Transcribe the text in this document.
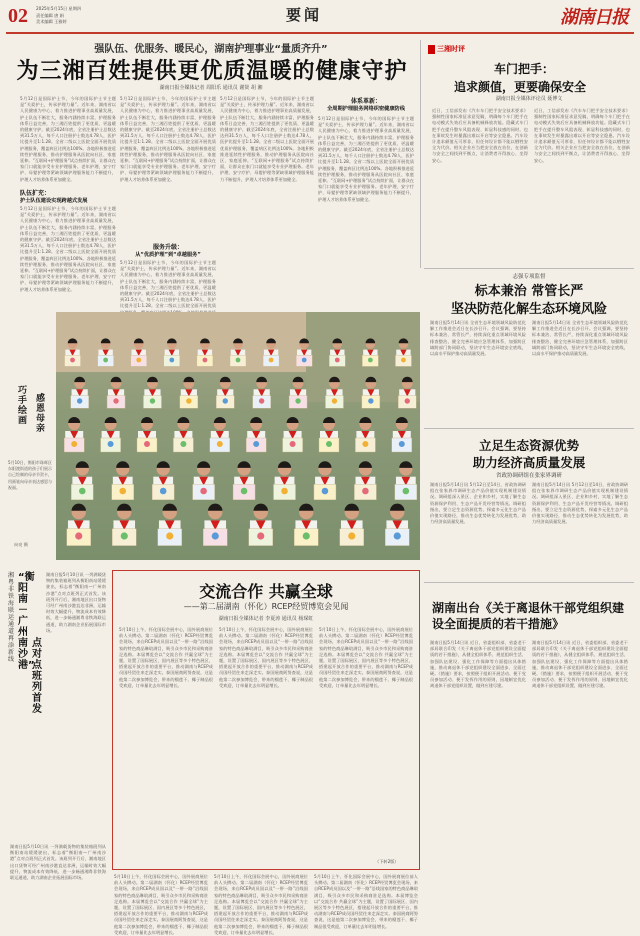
02 2025年5月15日 星期四
责任编辑 唐 娟
美术编辑 王雅婷	要闻	湖南日报
强队伍、优服务、暖民心，湖南护理事业“量质齐升”
为三湘百姓提供更优质温暖的健康守护
湖南日报全媒体记者 周阳乐 通讯员 谢贤 胡 湘
5月12日是国际护士节，今年的国际护士节主题是“关爱护士，传承护理力量”。近年来，湖南省以人民健康为中心，着力推进护理事业高质量发展，护士队伍不断壮大，服务内涵持续丰富，护理服务体系日益完善，为三湘百姓提供了更优质、更温暖的健康守护。截至2024年底，全省注册护士总数达到31.5万人，每千人口注册护士数达4.78人，医护比提升至1:1.28。全省二级以上医院全面开展优质护理服务，覆盖病区比例达100%。各地积极推进延续性护理服务，推动护理服务从医院向社区、家庭延伸。“互联网+护理服务”试点持续扩面，让群众在家门口就能享受专业护理服务。老年护理、安宁疗护、母婴护理等紧缺领域护理服务能力不断提升，护理人才培养体系更加健全。
队伍扩充：
护士队伍建设实现跨越式发展
5月12日是国际护士节，今年的国际护士节主题是“关爱护士，传承护理力量”。近年来，湖南省以人民健康为中心，着力推进护理事业高质量发展，护士队伍不断壮大，服务内涵持续丰富，护理服务体系日益完善，为三湘百姓提供了更优质、更温暖的健康守护。截至2024年底，全省注册护士总数达到31.5万人，每千人口注册护士数达4.78人，医护比提升至1:1.28。全省二级以上医院全面开展优质护理服务，覆盖病区比例达100%。各地积极推进延续性护理服务，推动护理服务从医院向社区、家庭延伸。“互联网+护理服务”试点持续扩面，让群众在家门口就能享受专业护理服务。老年护理、安宁疗护、母婴护理等紧缺领域护理服务能力不断提升，护理人才培养体系更加健全。
5月12日是国际护士节，今年的国际护士节主题是“关爱护士，传承护理力量”。近年来，湖南省以人民健康为中心，着力推进护理事业高质量发展，护士队伍不断壮大，服务内涵持续丰富，护理服务体系日益完善，为三湘百姓提供了更优质、更温暖的健康守护。截至2024年底，全省注册护士总数达到31.5万人，每千人口注册护士数达4.78人，医护比提升至1:1.28。全省二级以上医院全面开展优质护理服务，覆盖病区比例达100%。各地积极推进延续性护理服务，推动护理服务从医院向社区、家庭延伸。“互联网+护理服务”试点持续扩面，让群众在家门口就能享受专业护理服务。老年护理、安宁疗护、母婴护理等紧缺领域护理服务能力不断提升，护理人才培养体系更加健全。
服务升级：
从“优质护理”到“卓越服务”
5月12日是国际护士节，今年的国际护士节主题是“关爱护士，传承护理力量”。近年来，湖南省以人民健康为中心，着力推进护理事业高质量发展，护士队伍不断壮大，服务内涵持续丰富，护理服务体系日益完善，为三湘百姓提供了更优质、更温暖的健康守护。截至2024年底，全省注册护士总数达到31.5万人，每千人口注册护士数达4.78人，医护比提升至1:1.28。全省二级以上医院全面开展优质
5月12日是国际护士节，今年的国际护士节主题是“关爱护士，传承护理力量”。近年来，湖南省以人民健康为中心，着力推进护理事业高质量发展，护士队伍不断壮大，服务内涵持续丰富，护理服务体系日益完善，为三湘百姓提供了更优质、更温暖的健康守护。截至2024年底，全省注册护士总数达到31.5万人，每千人口注册护士数达4.78人，医护比提升至1:1.28。全省二级以上医院全面开展优质护理服务，覆盖病区比例达100%。各地积极推进延续性护理服务，推动护理服务从医院向社区、家庭延伸。“互联网+护理服务”试点持续扩面，让群众在家门口就能享受专业护理服务。老年护理、安宁疗护、母婴护理等紧缺领域护理服务能力不断提升，护理人才培养体系更加健全。
体系革新：
全周期护理服务网络织密健康防线
5月12日是国际护士节，今年的国际护士节主题是“关爱护士，传承护理力量”。近年来，湖南省以人民健康为中心，着力推进护理事业高质量发展，护士队伍不断壮大，服务内涵持续丰富，护理服务体系日益完善，为三湘百姓提供了更优质、更温暖的健康守护。截至2024年底，全省注册护士总数达到31.5万人，每千人口注册护士数达4.78人，医护比提升至1:1.28。全省二级以上医院全面开展优质护理服务，覆盖病区比例达100%。各地积极推进延续性护理服务，推动护理服务从医院向社区、家庭延伸。“互联网+护理服务”试点持续扩面，让群众在家门口就能享受专业护理服务。老年护理、安宁疗护、母婴护理等紧缺领域护理服务能力不断提升，护理人才培养体系更加健全。
三湘时评
车门把手：
追求颜值，更要确保安全
湖南日报全媒体评论员 聂博文
近日，工信部发布《汽车车门把手安全技术要求》强制性国家标准征求意见稿，明确每个车门把手在电动模式失效后应具备机械释放功能。隐藏式车门把手在提升整车风阻表现、彰显科技感的同时，也在事故发生时暴露出难以开启等安全隐患。汽车设计追求颜值无可厚非，但任何设计都不能以牺牲安全为代价。相关企业应当把安全放在首位，在创新与安全之间找到平衡点，让消费者开得放心、坐得安心。
近日，工信部发布《汽车车门把手安全技术要求》强制性国家标准征求意见稿，明确每个车门把手在电动模式失效后应具备机械释放功能。隐藏式车门把手在提升整车风阻表现、彰显科技感的同时，也在事故发生时暴露出难以开启等安全隐患。汽车设计追求颜值无可厚非，但任何设计都不能以牺牲安全为代价。相关企业应当把安全放在首位，在创新与安全之间找到平衡点，让消费者开得放心、坐得安心。
志强专项监督
标本兼治 常管长严
坚决防范化解生态环境风险
湖南日报5月14日讯 全省生态环境领域风险防范化解工作推进会近日在长沙召开。会议强调，要坚持标本兼治、常管长严，持续深化重点领域环境风险排查整治，健全完善环境应急管理体系，加强跨区域跨部门协同联动，坚决守牢生态环境安全底线，以高水平保护推动高质量发展。
湖南日报5月14日讯 全省生态环境领域风险防范化解工作推进会近日在长沙召开。会议强调，要坚持标本兼治、常管长严，持续深化重点领域环境风险排查整治，健全完善环境应急管理体系，加强跨区域跨部门协同联动，坚决守牢生态环境安全底线，以高水平保护推动高质量发展。
立足生态资源优势
助力经济高质量发展
省政协调研组在张家界调研
湖南日报5月14日讯 5月12日至14日，省政协调研组在张家界市调研生态产品价值实现机制建设情况。调研组深入景区、企业和乡村，实地了解生态资源保护利用、生态产品开发经营等情况。调研组指出，要立足生态资源优势，探索多元化生态产品价值实现路径，推动生态优势转化为发展优势，助力经济高质量发展。
湖南日报5月14日讯 5月12日至14日，省政协调研组在张家界市调研生态产品价值实现机制建设情况。调研组深入景区、企业和乡村，实地了解生态资源保护利用、生态产品开发经营等情况。调研组指出，要立足生态资源优势，探索多元化生态产品价值实现路径，推动生态优势转化为发展优势，助力经济高质量发展。
湖南出台《关于离退休干部党组织建设全面提质的若干措施》
湖南日报5月14日讯 近日，省委组织部、省委老干部局联合印发《关于离退休干部党组织建设全面提质的若干措施》，从健全组织体系、规范组织生活、加强队伍建设、强化工作保障等方面提出具体措施，推动离退休干部党组织建设全面进步、全面过硬。《措施》要求，按照便于组织开展活动、便于党员参加活动、便于发挥作用的原则，因地制宜优化离退休干部党组织设置，做到应建尽建。
湖南日报5月14日讯 近日，省委组织部、省委老干部局联合印发《关于离退休干部党组织建设全面提质的若干措施》，从健全组织体系、规范组织生活、加强队伍建设、强化工作保障等方面提出具体措施，推动离退休干部党组织建设全面进步、全面过硬。《措施》要求，按照便于组织开展活动、便于党员参加活动、便于发挥作用的原则，因地制宜优化离退休干部党组织设置，做到应建尽建。
巧手绘画
感恩母亲
5月10日，衡阳市珠晖区东阳渡街道的孩子们展示自己绘制的母亲节贺卡，用画笔向母亲表达感恩与祝福。
向亮 摄
交流合作 共赢全球
——第二届湖南（怀化）RCEP经贸博览会见闻
湖南日报全媒体记者 李夏涛 通讯员 杨琛虹
5月10日上午，怀化国际会展中心，国外展商展位前人头攒动。第二届湖南（怀化）RCEP经贸博览会现场，来自RCEP成员国以及“一带一路”沿线国家的特色商品琳琅满目，吸引众多市民和采购商驻足选购。本届博览会以“交流合作 共赢全球”为主题，设置了国际展区、国内展区等多个特色展区，搭建起开放合作的重要平台，推动湖南与RCEP成员国经贸往来走深走实。泰国展商阿努查说，这是他第二次参加博览会，带来的榴莲干、椰子制品很受欢迎，订单量比去年明显增长。
5月10日上午，怀化国际会展中心，国外展商展位前人头攒动。第二届湖南（怀化）RCEP经贸博览会现场，来自RCEP成员国以及“一带一路”沿线国家的特色商品琳琅满目，吸引众多市民和采购商驻足选购。本届博览会以“交流合作 共赢全球”为主题，设置了国际展区、国内展区等多个特色展区，搭建起开放合作的重要平台，推动湖南与RCEP成员国经贸往来走深走实。泰国展商阿努查说，这是他第二次参加博览会，带来的榴莲干、椰子制品很受欢迎，订单量比去年明显增长。
5月10日上午，怀化国际会展中心，国外展商展位前人头攒动。第二届湖南（怀化）RCEP经贸博览会现场，来自RCEP成员国以及“一带一路”沿线国家的特色商品琳琅满目，吸引众多市民和采购商驻足选购。本届博览会以“交流合作 共赢全球”为主题，设置了国际展区、国内展区等多个特色展区，搭建起开放合作的重要平台，推动湖南与RCEP成员国经贸往来走深走实。泰国展商阿努查说，这是他第二次参加博览会，带来的榴莲干、椰子制品很受欢迎，订单量比去年明显增长。
（下转2版）
湘粤非铁海联运通道再添新线
“衡阳南－广州南沙港”
点对点班列首发
湖南日报5月10日讯 一列满载货物的集装箱班列从衡阳南站缓缓驶出，标志着“衡阳南—广州南沙港”点对点班列正式首发。该班列开行后，湘南地区出口货物可经广州南沙港直达非洲，运输时效大幅提升，物流成本有效降低，进一步畅通湘粤非铁海联运通道，助力湖南企业拓展国际市场。
湖南日报5月10日讯 一列满载货物的集装箱班列从衡阳南站缓缓驶出，标志着“衡阳南—广州南沙港”点对点班列正式首发。该班列开行后，湘南地区出口货物可经广州南沙港直达非洲，运输时效大幅提升，物流成本有效降低，进一步畅通湘粤非铁海联运通道，助力湖南企业拓展国际市场。	5月10日上午，怀化国际会展中心，国外展商展位前人头攒动。第二届湖南（怀化）RCEP经贸博览会现场，来自RCEP成员国以及“一带一路”沿线国家的特色商品琳琅满目，吸引众多市民和采购商驻足选购。本届博览会以“交流合作 共赢全球”为主题，设置了国际展区、国内展区等多个特色展区，搭建起开放合作的重要平台，推动湖南与RCEP成员国经贸往来走深走实。泰国展商阿努查说，这是他第二次参加博览会，带来的榴莲干、椰子制品很受欢迎，订单量比去年明显增长。
5月10日上午，怀化国际会展中心，国外展商展位前人头攒动。第二届湖南（怀化）RCEP经贸博览会现场，来自RCEP成员国以及“一带一路”沿线国家的特色商品琳琅满目，吸引众多市民和采购商驻足选购。本届博览会以“交流合作 共赢全球”为主题，设置了国际展区、国内展区等多个特色展区，搭建起开放合作的重要平台，推动湖南与RCEP成员国经贸往来走深走实。泰国展商阿努查说，这是他第二次参加博览会，带来的榴莲干、椰子制品很受欢迎，订单量比去年明显增长。
5月10日上午，怀化国际会展中心，国外展商展位前人头攒动。第二届湖南（怀化）RCEP经贸博览会现场，来自RCEP成员国以及“一带一路”沿线国家的特色商品琳琅满目，吸引众多市民和采购商驻足选购。本届博览会以“交流合作 共赢全球”为主题，设置了国际展区、国内展区等多个特色展区，搭建起开放合作的重要平台，推动湖南与RCEP成员国经贸往来走深走实。泰国展商阿努查说，这是他第二次参加博览会，带来的榴莲干、椰子制品很受欢迎，订单量比去年明显增长。
